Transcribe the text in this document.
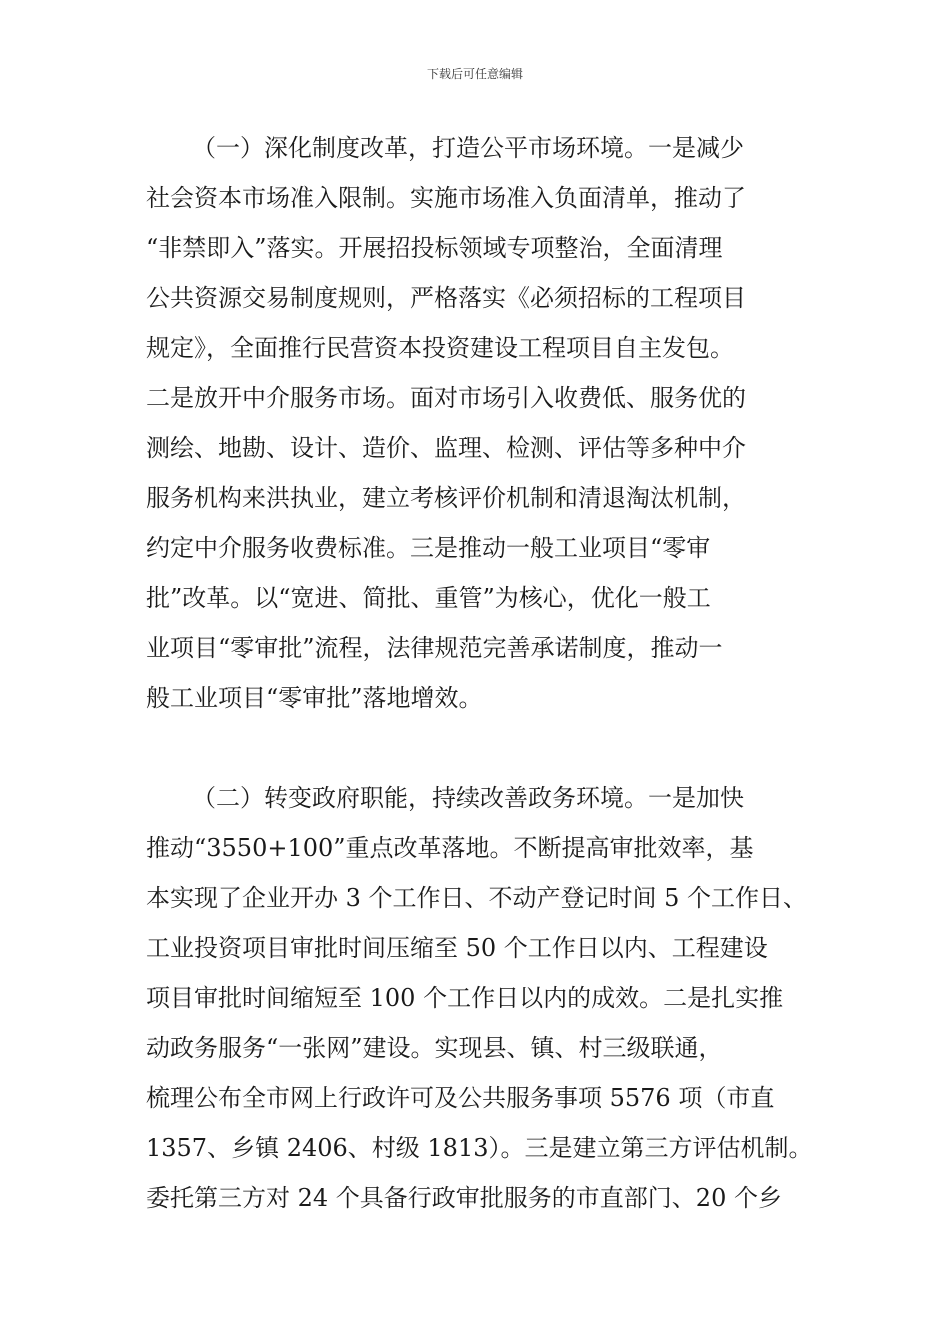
下载后可任意编辑
（一）深化制度改革，打造公平市场环境。一是减少
社会资本市场准入限制。实施市场准入负面清单，推动了
“非禁即入”落实。开展招投标领域专项整治，全面清理
公共资源交易制度规则，严格落实《必须招标的工程项目
规定》，全面推行民营资本投资建设工程项目自主发包。
二是放开中介服务市场。面对市场引入收费低、服务优的
测绘、地勘、设计、造价、监理、检测、评估等多种中介
服务机构来洪执业，建立考核评价机制和清退淘汰机制，
约定中介服务收费标准。三是推动一般工业项目“零审
批”改革。以“宽进、简批、重管”为核心，优化一般工
业项目“零审批”流程，法律规范完善承诺制度，推动一
般工业项目“零审批”落地增效。
（二）转变政府职能，持续改善政务环境。一是加快
推动“3550+100”重点改革落地。不断提高审批效率，基
本实现了企业开办 3 个工作日、不动产登记时间 5 个工作日、
工业投资项目审批时间压缩至 50 个工作日以内、工程建设
项目审批时间缩短至 100 个工作日以内的成效。二是扎实推
动政务服务“一张网”建设。实现县、镇、村三级联通，
梳理公布全市网上行政许可及公共服务事项 5576 项（市直
1357、乡镇 2406、村级 1813）。三是建立第三方评估机制。
委托第三方对 24 个具备行政审批服务的市直部门、20 个乡
